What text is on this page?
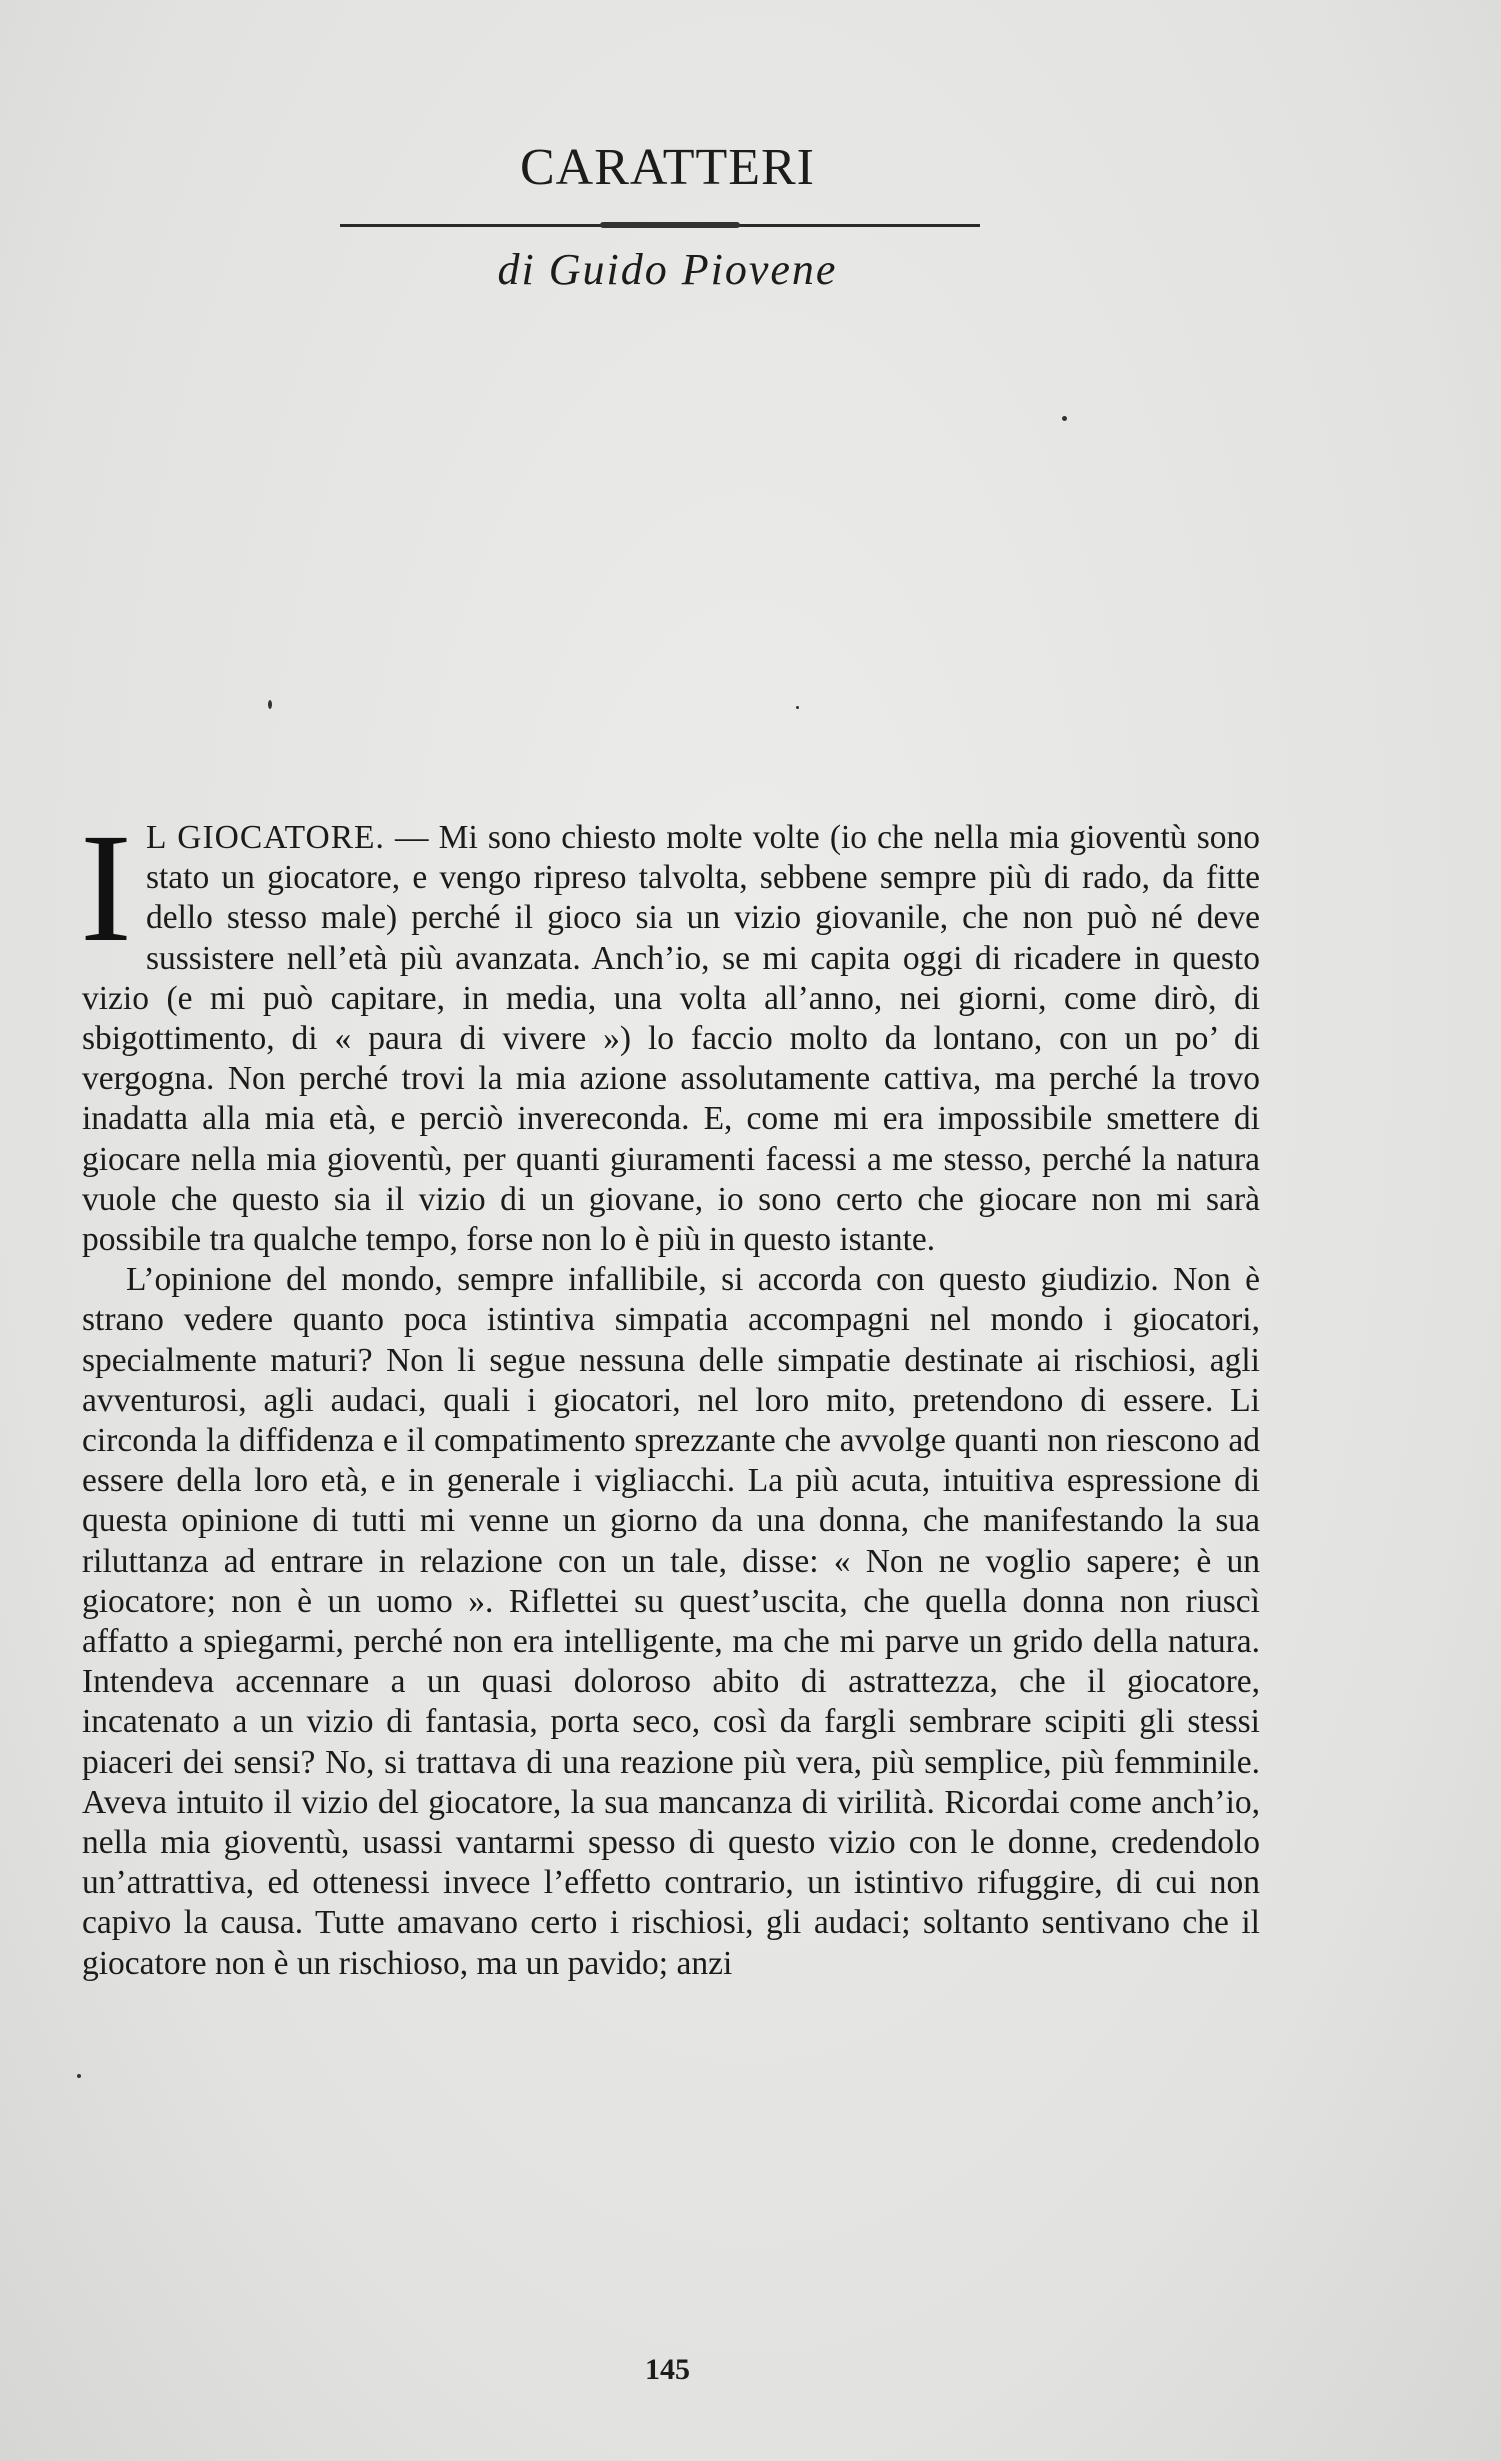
CARATTERI
di Guido Piovene

I L GIOCATORE. — Mi sono chiesto molte volte (io che nella mia gioventù sono stato un giocatore, e vengo ripreso talvolta, sebbene sempre più di rado, da fitte dello stesso male) perché il gioco sia un vizio giovanile, che non può né deve sussistere nell’età più avanzata. Anch’io, se mi capita oggi di ricadere in questo vizio (e mi può capitare, in media, una volta all’anno, nei giorni, come dirò, di sbigottimento, di « paura di vivere ») lo faccio molto da lontano, con un po’ di vergogna. Non perché trovi la mia azione assolutamente cattiva, ma perché la trovo inadatta alla mia età, e perciò invereconda. E, come mi era impossibile smettere di giocare nella mia gioventù, per quanti giuramenti facessi a me stesso, perché la natura vuole che questo sia il vizio di un giovane, io sono certo che giocare non mi sarà possibile tra qualche tempo, forse non lo è più in questo istante.

L’opinione del mondo, sempre infallibile, si accorda con questo giudizio. Non è strano vedere quanto poca istintiva simpatia accompagni nel mondo i giocatori, specialmente maturi? Non li segue nessuna delle simpatie destinate ai rischiosi, agli avventurosi, agli audaci, quali i giocatori, nel loro mito, pretendono di essere. Li circonda la diffidenza e il compatimento sprezzante che avvolge quanti non riescono ad essere della loro età, e in generale i vigliacchi. La più acuta, intuitiva espressione di questa opinione di tutti mi venne un giorno da una donna, che manifestando la sua riluttanza ad entrare in relazione con un tale, disse: « Non ne voglio sapere; è un giocatore; non è un uomo ». Riflettei su quest’uscita, che quella donna non riuscì affatto a spiegarmi, perché non era intelligente, ma che mi parve un grido della natura. Intendeva accennare a un quasi doloroso abito di astrattezza, che il giocatore, incatenato a un vizio di fantasia, porta seco, così da fargli sembrare scipiti gli stessi piaceri dei sensi? No, si trattava di una reazione più vera, più semplice, più femminile. Aveva intuito il vizio del giocatore, la sua mancanza di virilità. Ricordai come anch’io, nella mia gioventù, usassi vantarmi spesso di questo vizio con le donne, credendolo un’attrattiva, ed ottenessi invece l’effetto contrario, un istintivo rifuggire, di cui non capivo la causa. Tutte amavano certo i rischiosi, gli audaci; soltanto sentivano che il giocatore non è un rischioso, ma un pavido; anzi

145
